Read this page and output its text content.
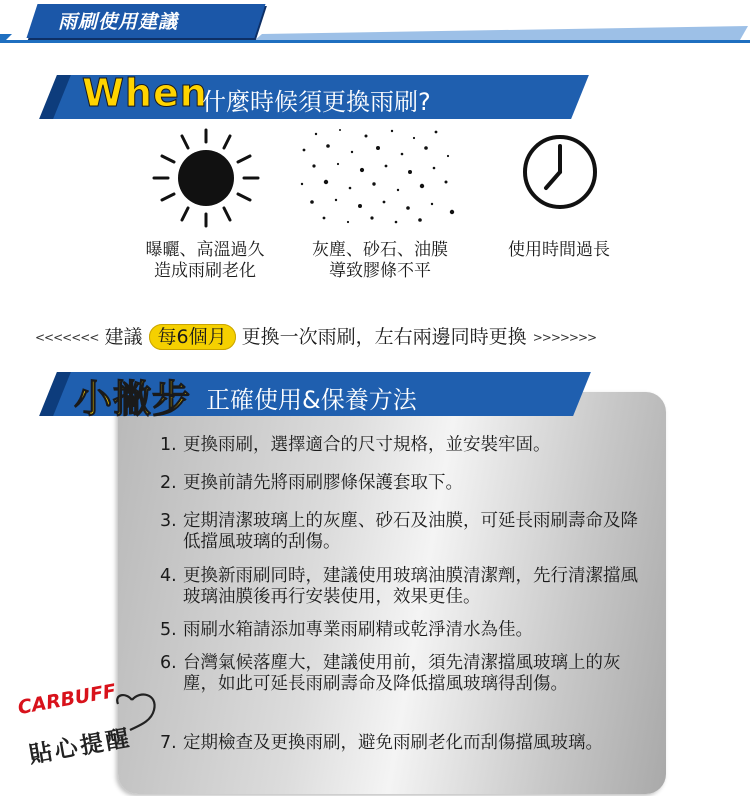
雨刷使用建議
When
什麼時候須更換雨刷?
曝曬、高溫過久
造成雨刷老化
灰塵、砂石、油膜
導致膠條不平
使用時間過長
<<<<<<< 建議 每6個月 更換一次雨刷，左右兩邊同時更換 >>>>>>>
小撇步 正確使用&保養方法
1. 更換雨刷，選擇適合的尺寸規格，並安裝牢固。
2. 更換前請先將雨刷膠條保護套取下。
3. 定期清潔玻璃上的灰塵、砂石及油膜，可延長雨刷壽命及降低擋風玻璃的刮傷。
4. 更換新雨刷同時，建議使用玻璃油膜清潔劑，先行清潔擋風玻璃油膜後再行安裝使用，效果更佳。
5. 雨刷水箱請添加專業雨刷精或乾淨清水為佳。
6. 台灣氣候落塵大，建議使用前，須先清潔擋風玻璃上的灰塵，如此可延長雨刷壽命及降低擋風玻璃得刮傷。
7. 定期檢查及更換雨刷，避免雨刷老化而刮傷擋風玻璃。
CARBUFF
貼心提醒
